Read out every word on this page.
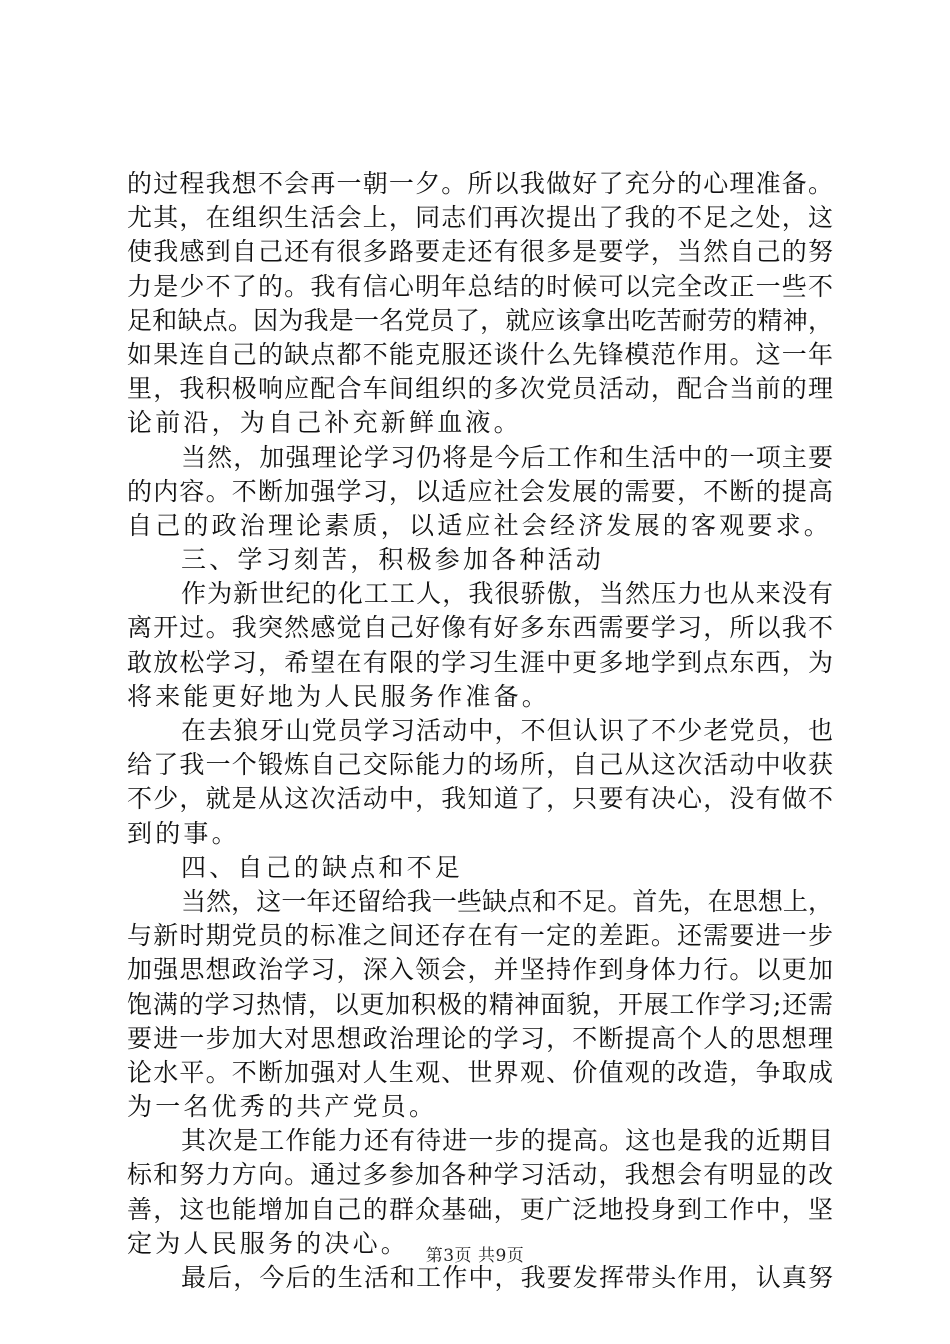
的过程我想不会再一朝一夕。所以我做好了充分的心理准备。
尤其，在组织生活会上，同志们再次提出了我的不足之处，这
使我感到自己还有很多路要走还有很多是要学，当然自己的努
力是少不了的。我有信心明年总结的时候可以完全改正一些不
足和缺点。因为我是一名党员了，就应该拿出吃苦耐劳的精神，
如果连自己的缺点都不能克服还谈什么先锋模范作用。这一年
里，我积极响应配合车间组织的多次党员活动，配合当前的理
论前沿，为自己补充新鲜血液。
当然，加强理论学习仍将是今后工作和生活中的一项主要
的内容。不断加强学习，以适应社会发展的需要，不断的提高
自己的政治理论素质，以适应社会经济发展的客观要求。
三、学习刻苦，积极参加各种活动
作为新世纪的化工工人，我很骄傲，当然压力也从来没有
离开过。我突然感觉自己好像有好多东西需要学习，所以我不
敢放松学习，希望在有限的学习生涯中更多地学到点东西，为
将来能更好地为人民服务作准备。
在去狼牙山党员学习活动中，不但认识了不少老党员，也
给了我一个锻炼自己交际能力的场所，自己从这次活动中收获
不少，就是从这次活动中，我知道了，只要有决心，没有做不
到的事。
四、自己的缺点和不足
当然，这一年还留给我一些缺点和不足。首先，在思想上，
与新时期党员的标准之间还存在有一定的差距。还需要进一步
加强思想政治学习，深入领会，并坚持作到身体力行。以更加
饱满的学习热情，以更加积极的精神面貌，开展工作学习;还需
要进一步加大对思想政治理论的学习，不断提高个人的思想理
论水平。不断加强对人生观、世界观、价值观的改造，争取成
为一名优秀的共产党员。
其次是工作能力还有待进一步的提高。这也是我的近期目
标和努力方向。通过多参加各种学习活动，我想会有明显的改
善，这也能增加自己的群众基础，更广泛地投身到工作中，坚
定为人民服务的决心。
最后，今后的生活和工作中，我要发挥带头作用，认真努
第3页 共9页
